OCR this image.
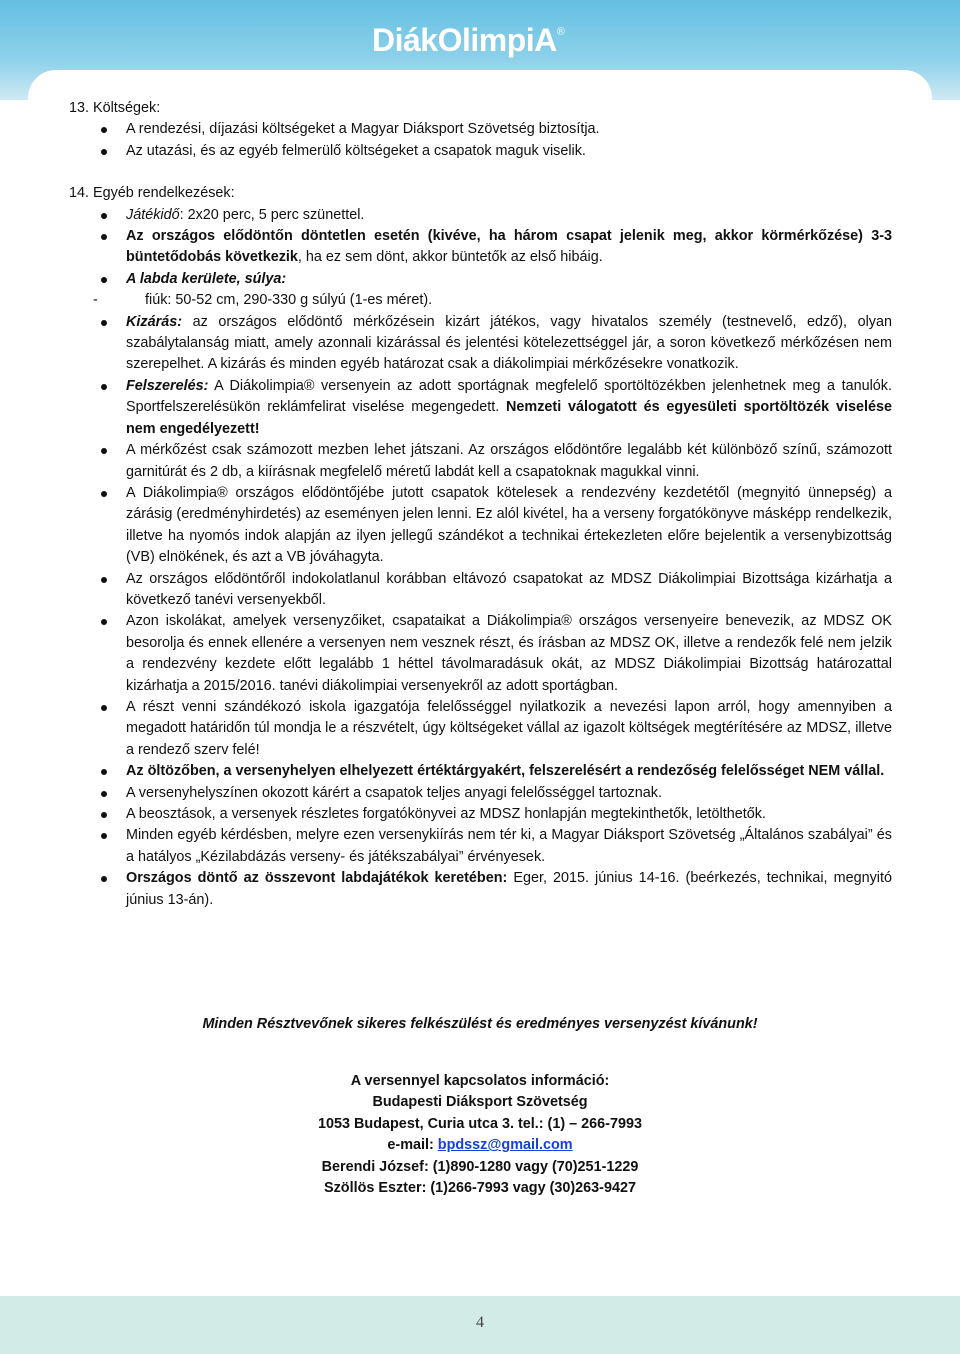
DiákOlimpiA®
13. Költségek:
A rendezési, díjazási költségeket a Magyar Diáksport Szövetség biztosítja.
Az utazási, és az egyéb felmerülő költségeket a csapatok maguk viselik.
14. Egyéb rendelkezések:
Játékidő: 2x20 perc, 5 perc szünettel.
Az országos elődöntőn döntetlen esetén (kivéve, ha három csapat jelenik meg, akkor körmérkőzése) 3-3 büntetődobás következik, ha ez sem dönt, akkor büntetők az első hibáig.
A labda kerülete, súlya:
-	fiúk: 50-52 cm, 290-330 g súlyú (1-es méret).
Kizárás: az országos elődöntő mérkőzésein kizárt játékos, vagy hivatalos személy (testnevelő, edző), olyan szabálytalanság miatt, amely azonnali kizárással és jelentési kötelezettséggel jár, a soron következő mérkőzésen nem szerepelhet. A kizárás és minden egyéb határozat csak a diákolimpiai mérkőzésekre vonatkozik.
Felszerelés: A Diákolimpia® versenyein az adott sportágnak megfelelő sportöltözékben jelenhetnek meg a tanulók. Sportfelszerelésükön reklámfelirat viselése megengedett. Nemzeti válogatott és egyesületi sportöltözék viselése nem engedélyezett!
A mérkőzést csak számozott mezben lehet játszani. Az országos elődöntőre legalább két különböző színű, számozott garnitúrát és 2 db, a kiírásnak megfelelő méretű labdát kell a csapatoknak magukkal vinni.
A Diákolimpia® országos elődöntőjébe jutott csapatok kötelesek a rendezvény kezdetétől (megnyitó ünnepség) a zárásig (eredményhirdetés) az eseményen jelen lenni. Ez alól kivétel, ha a verseny forgatókönyve másképp rendelkezik, illetve ha nyomós indok alapján az ilyen jellegű szándékot a technikai értekezleten előre bejelentik a versenybizottság (VB) elnökének, és azt a VB jóváhagyta.
Az országos elődöntőről indokolatlanul korábban eltávozó csapatokat az MDSZ Diákolimpiai Bizottsága kizárhatja a következő tanévi versenyekből.
Azon iskolákat, amelyek versenyzőiket, csapataikat a Diákolimpia® országos versenyeire benevezik, az MDSZ OK besorolja és ennek ellenére a versenyen nem vesznek részt, és írásban az MDSZ OK, illetve a rendezők felé nem jelzik a rendezvény kezdete előtt legalább 1 héttel távolmaradásuk okát, az MDSZ Diákolimpiai Bizottság határozattal kizárhatja a 2015/2016. tanévi diákolimpiai versenyekről az adott sportágban.
A részt venni szándékozó iskola igazgatója felelősséggel nyilatkozik a nevezési lapon arról, hogy amennyiben a megadott határidőn túl mondja le a részvételt, úgy költségeket vállal az igazolt költségek megtérítésére az MDSZ, illetve a rendező szerv felé!
Az öltözőben, a versenyhelyen elhelyezett értéktárgyakért, felszerelésért a rendezőség felelősséget NEM vállal.
A versenyhelyszínen okozott kárért a csapatok teljes anyagi felelősséggel tartoznak.
A beosztások, a versenyek részletes forgatókönyvei az MDSZ honlapján megtekinthetők, letölthetők.
Minden egyéb kérdésben, melyre ezen versenykiírás nem tér ki, a Magyar Diáksport Szövetség „Általános szabályai” és a hatályos „Kézilabdázás verseny- és játékszabályai” érvényesek.
Országos döntő az összevont labdajátékok keretében: Eger, 2015. június 14-16. (beérkezés, technikai, megnyitó június 13-án).
Minden Résztvevőnek sikeres felkészülést és eredményes versenyzést kívánunk!
A versennyel kapcsolatos információ:
Budapesti Diáksport Szövetség
1053 Budapest, Curia utca 3. tel.: (1) – 266-7993
e-mail: bpdssz@gmail.com
Berendi József: (1)890-1280 vagy (70)251-1229
Szöllös Eszter: (1)266-7993 vagy (30)263-9427
4
